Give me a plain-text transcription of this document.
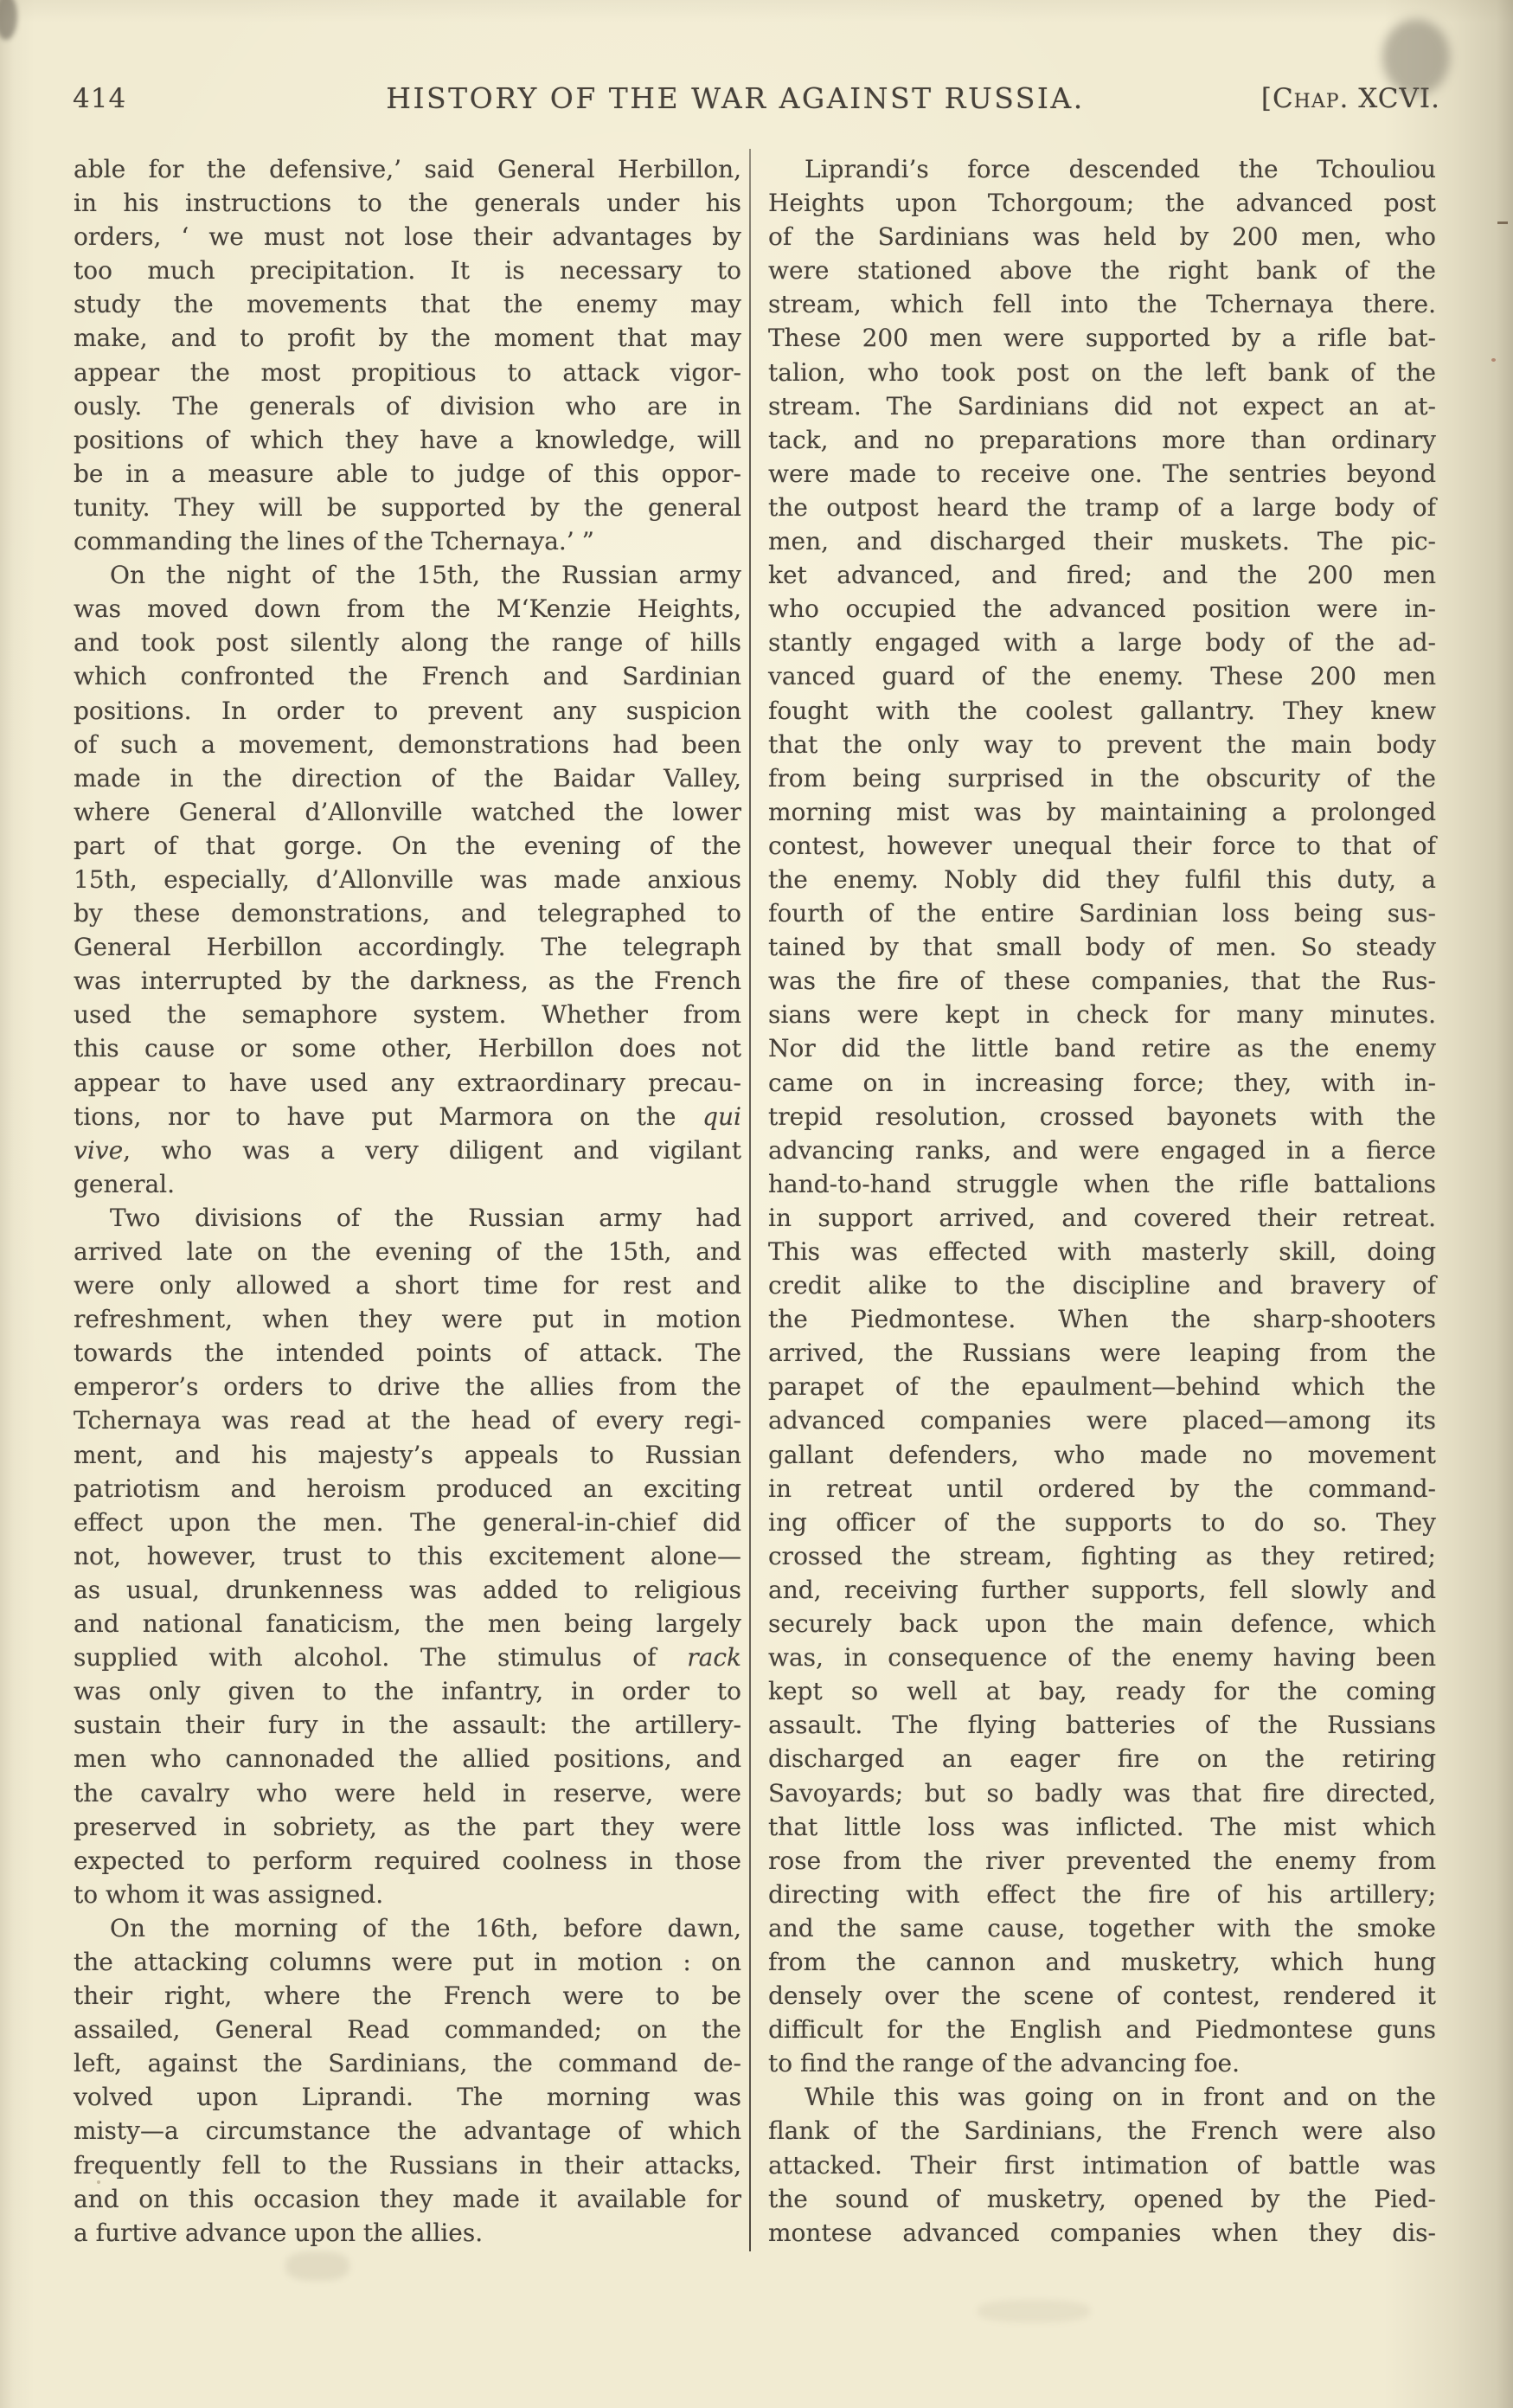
414	HISTORY OF THE WAR AGAINST RUSSIA.	[Chap. XCVI.
able for the defensive,’ said General Herbillon,
in his instructions to the generals under his
orders, ‘ we must not lose their advantages by
too much precipitation. It is necessary to
study the movements that the enemy may
make, and to profit by the moment that may
appear the most propitious to attack vigor-
ously. The generals of division who are in
positions of which they have a knowledge, will
be in a measure able to judge of this oppor-
tunity. They will be supported by the general
commanding the lines of the Tchernaya.’ ”
On the night of the 15th, the Russian army
was moved down from the M‘Kenzie Heights,
and took post silently along the range of hills
which confronted the French and Sardinian
positions. In order to prevent any suspicion
of such a movement, demonstrations had been
made in the direction of the Baidar Valley,
where General d’Allonville watched the lower
part of that gorge. On the evening of the
15th, especially, d’Allonville was made anxious
by these demonstrations, and telegraphed to
General Herbillon accordingly. The telegraph
was interrupted by the darkness, as the French
used the semaphore system. Whether from
this cause or some other, Herbillon does not
appear to have used any extraordinary precau-
tions, nor to have put Marmora on the qui
vive, who was a very diligent and vigilant
general.
Two divisions of the Russian army had
arrived late on the evening of the 15th, and
were only allowed a short time for rest and
refreshment, when they were put in motion
towards the intended points of attack. The
emperor’s orders to drive the allies from the
Tchernaya was read at the head of every regi-
ment, and his majesty’s appeals to Russian
patriotism and heroism produced an exciting
effect upon the men. The general-in-chief did
not, however, trust to this excitement alone—
as usual, drunkenness was added to religious
and national fanaticism, the men being largely
supplied with alcohol. The stimulus of rack
was only given to the infantry, in order to
sustain their fury in the assault: the artillery-
men who cannonaded the allied positions, and
the cavalry who were held in reserve, were
preserved in sobriety, as the part they were
expected to perform required coolness in those
to whom it was assigned.
On the morning of the 16th, before dawn,
the attacking columns were put in motion : on
their right, where the French were to be
assailed, General Read commanded; on the
left, against the Sardinians, the command de-
volved upon Liprandi. The morning was
misty—a circumstance the advantage of which
frequently fell to the Russians in their attacks,
and on this occasion they made it available for
a furtive advance upon the allies.
Liprandi’s force descended the Tchouliou
Heights upon Tchorgoum; the advanced post
of the Sardinians was held by 200 men, who
were stationed above the right bank of the
stream, which fell into the Tchernaya there.
These 200 men were supported by a rifle bat-
talion, who took post on the left bank of the
stream. The Sardinians did not expect an at-
tack, and no preparations more than ordinary
were made to receive one. The sentries beyond
the outpost heard the tramp of a large body of
men, and discharged their muskets. The pic-
ket advanced, and fired; and the 200 men
who occupied the advanced position were in-
stantly engaged with a large body of the ad-
vanced guard of the enemy. These 200 men
fought with the coolest gallantry. They knew
that the only way to prevent the main body
from being surprised in the obscurity of the
morning mist was by maintaining a prolonged
contest, however unequal their force to that of
the enemy. Nobly did they fulfil this duty, a
fourth of the entire Sardinian loss being sus-
tained by that small body of men. So steady
was the fire of these companies, that the Rus-
sians were kept in check for many minutes.
Nor did the little band retire as the enemy
came on in increasing force; they, with in-
trepid resolution, crossed bayonets with the
advancing ranks, and were engaged in a fierce
hand-to-hand struggle when the rifle battalions
in support arrived, and covered their retreat.
This was effected with masterly skill, doing
credit alike to the discipline and bravery of
the Piedmontese. When the sharp-shooters
arrived, the Russians were leaping from the
parapet of the epaulment—behind which the
advanced companies were placed—among its
gallant defenders, who made no movement
in retreat until ordered by the command-
ing officer of the supports to do so. They
crossed the stream, fighting as they retired;
and, receiving further supports, fell slowly and
securely back upon the main defence, which
was, in consequence of the enemy having been
kept so well at bay, ready for the coming
assault. The flying batteries of the Russians
discharged an eager fire on the retiring
Savoyards; but so badly was that fire directed,
that little loss was inflicted. The mist which
rose from the river prevented the enemy from
directing with effect the fire of his artillery;
and the same cause, together with the smoke
from the cannon and musketry, which hung
densely over the scene of contest, rendered it
difficult for the English and Piedmontese guns
to find the range of the advancing foe.
While this was going on in front and on the
flank of the Sardinians, the French were also
attacked. Their first intimation of battle was
the sound of musketry, opened by the Pied-
montese advanced companies when they dis-
